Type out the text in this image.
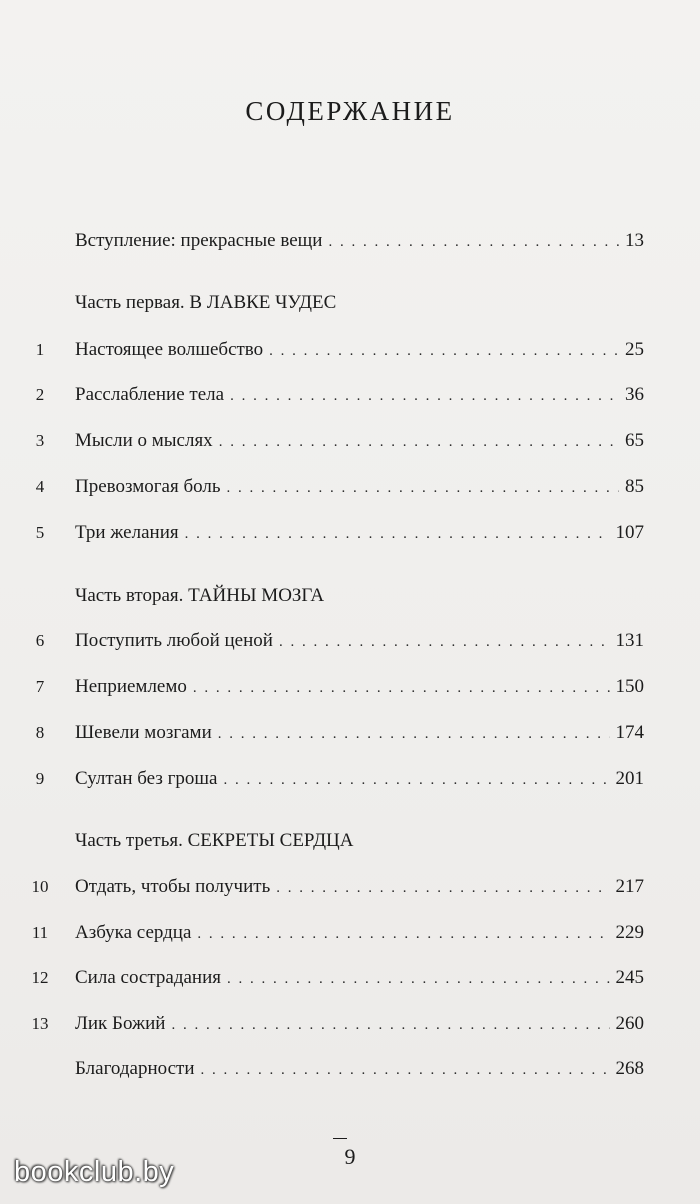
СОДЕРЖАНИЕ
Вступление: прекрасные вещи . . .	13
Часть первая. В ЛАВКЕ ЧУДЕС
1	Настоящее волшебство . . .	25
2	Расслабление тела . . .	36
3	Мысли о мыслях . . .	65
4	Превозмогая боль . . .	85
5	Три желания . . .	107
Часть вторая. ТАЙНЫ МОЗГА
6	Поступить любой ценой . . .	131
7	Неприемлемо . . .	150
8	Шевели мозгами . . .	174
9	Султан без гроша . . .	201
Часть третья. СЕКРЕТЫ СЕРДЦА
10	Отдать, чтобы получить . . .	217
11	Азбука сердца . . .	229
12	Сила сострадания . . .	245
13	Лик Божий . . .	260
Благодарности . . .	268
9
bookclub.by
